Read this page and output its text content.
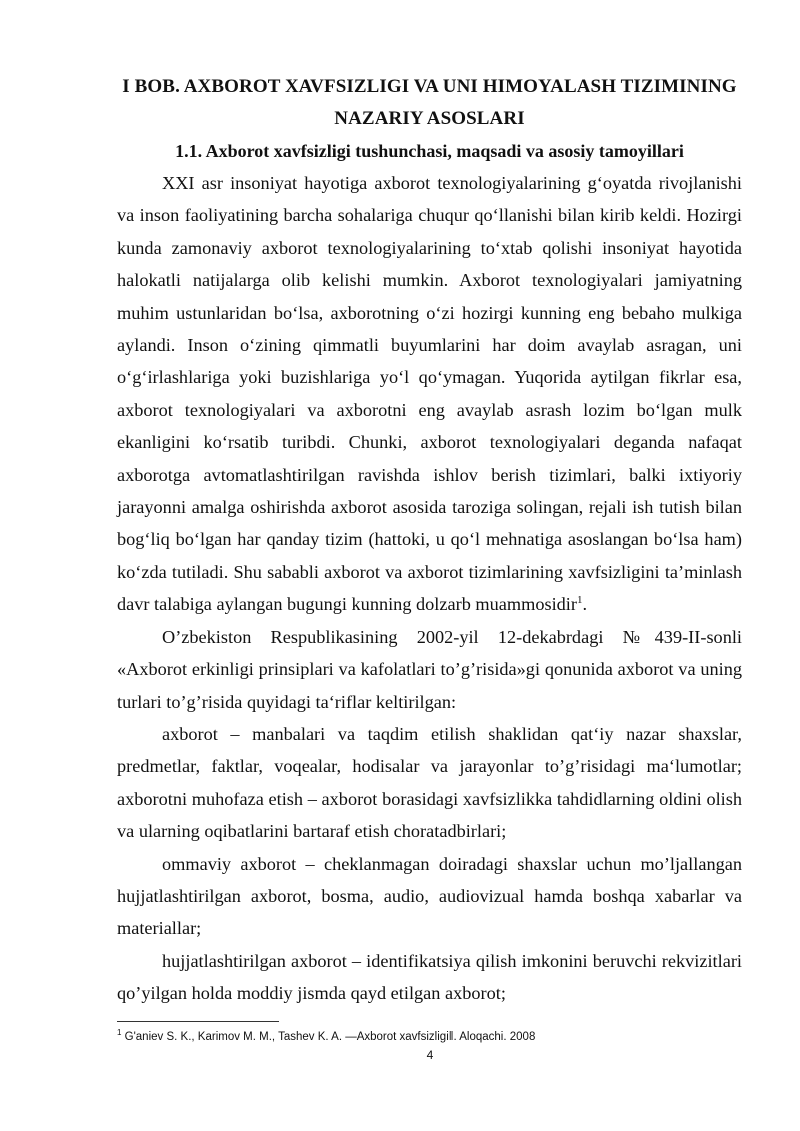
I BOB. AXBOROT XAVFSIZLIGI VA UNI HIMOYALASH TIZIMINING
NAZARIY ASOSLARI
1.1. Axborot xavfsizligi tushunchasi, maqsadi va asosiy tamoyillari

XXI asr insoniyat hayotiga axborot texnologiyalarining g‘oyatda rivojlanishi va inson faoliyatining barcha sohalariga chuqur qo‘llanishi bilan kirib keldi. Hozirgi kunda zamonaviy axborot texnologiyalarining to‘xtab qolishi insoniyat hayotida halokatli natijalarga olib kelishi mumkin. Axborot texnologiyalari jamiyatning muhim ustunlaridan bo‘lsa, axborotning o‘zi hozirgi kunning eng bebaho mulkiga aylandi. Inson o‘zining qimmatli buyumlarini har doim avaylab asragan, uni o‘g‘irlashlariga yoki buzishlariga yo‘l qo‘ymagan. Yuqorida aytilgan fikrlar esa, axborot texnologiyalari va axborotni eng avaylab asrash lozim bo‘lgan mulk ekanligini ko‘rsatib turibdi. Chunki, axborot texnologiyalari deganda nafaqat axborotga avtomatlashtirilgan ravishda ishlov berish tizimlari, balki ixtiyoriy jarayonni amalga oshirishda axborot asosida taroziga solingan, rejali ish tutish bilan bog‘liq bo‘lgan har qanday tizim (hattoki, u qo‘l mehnatiga asoslangan bo‘lsa ham) ko‘zda tutiladi. Shu sababli axborot va axborot tizimlarining xavfsizligini ta’minlash davr talabiga aylangan bugungi kunning dolzarb muammosidir$^1$.

O’zbekiston Respublikasining 2002-yil 12-dekabrdagi №439-II-sonli «Axborot erkinligi prinsiplari va kafolatlari to’g’risida»gi qonunida axborot va uning turlari to’g’risida quyidagi ta‘riflar keltirilgan:

axborot – manbalari va taqdim etilish shaklidan qat‘iy nazar shaxslar, predmetlar, faktlar, voqealar, hodisalar va jarayonlar to’g’risidagi ma‘lumotlar; axborotni muhofaza etish – axborot borasidagi xavfsizlikka tahdidlarning oldini olish va ularning oqibatlarini bartaraf etish choratadbirlari;

ommaviy axborot – cheklanmagan doiradagi shaxslar uchun mo’ljallangan hujjatlashtirilgan axborot, bosma, audio, audiovizual hamda boshqa xabarlar va materiallar;

hujjatlashtirilgan axborot – identifikatsiya qilish imkonini beruvchi rekvizitlari qo’yilgan holda moddiy jismda qayd etilgan axborot;

$^1$ G'aniev S. K., Karimov M. M., Tashev K. A. ―Axborot xavfsizligi‖. Aloqachi. 2008
4
